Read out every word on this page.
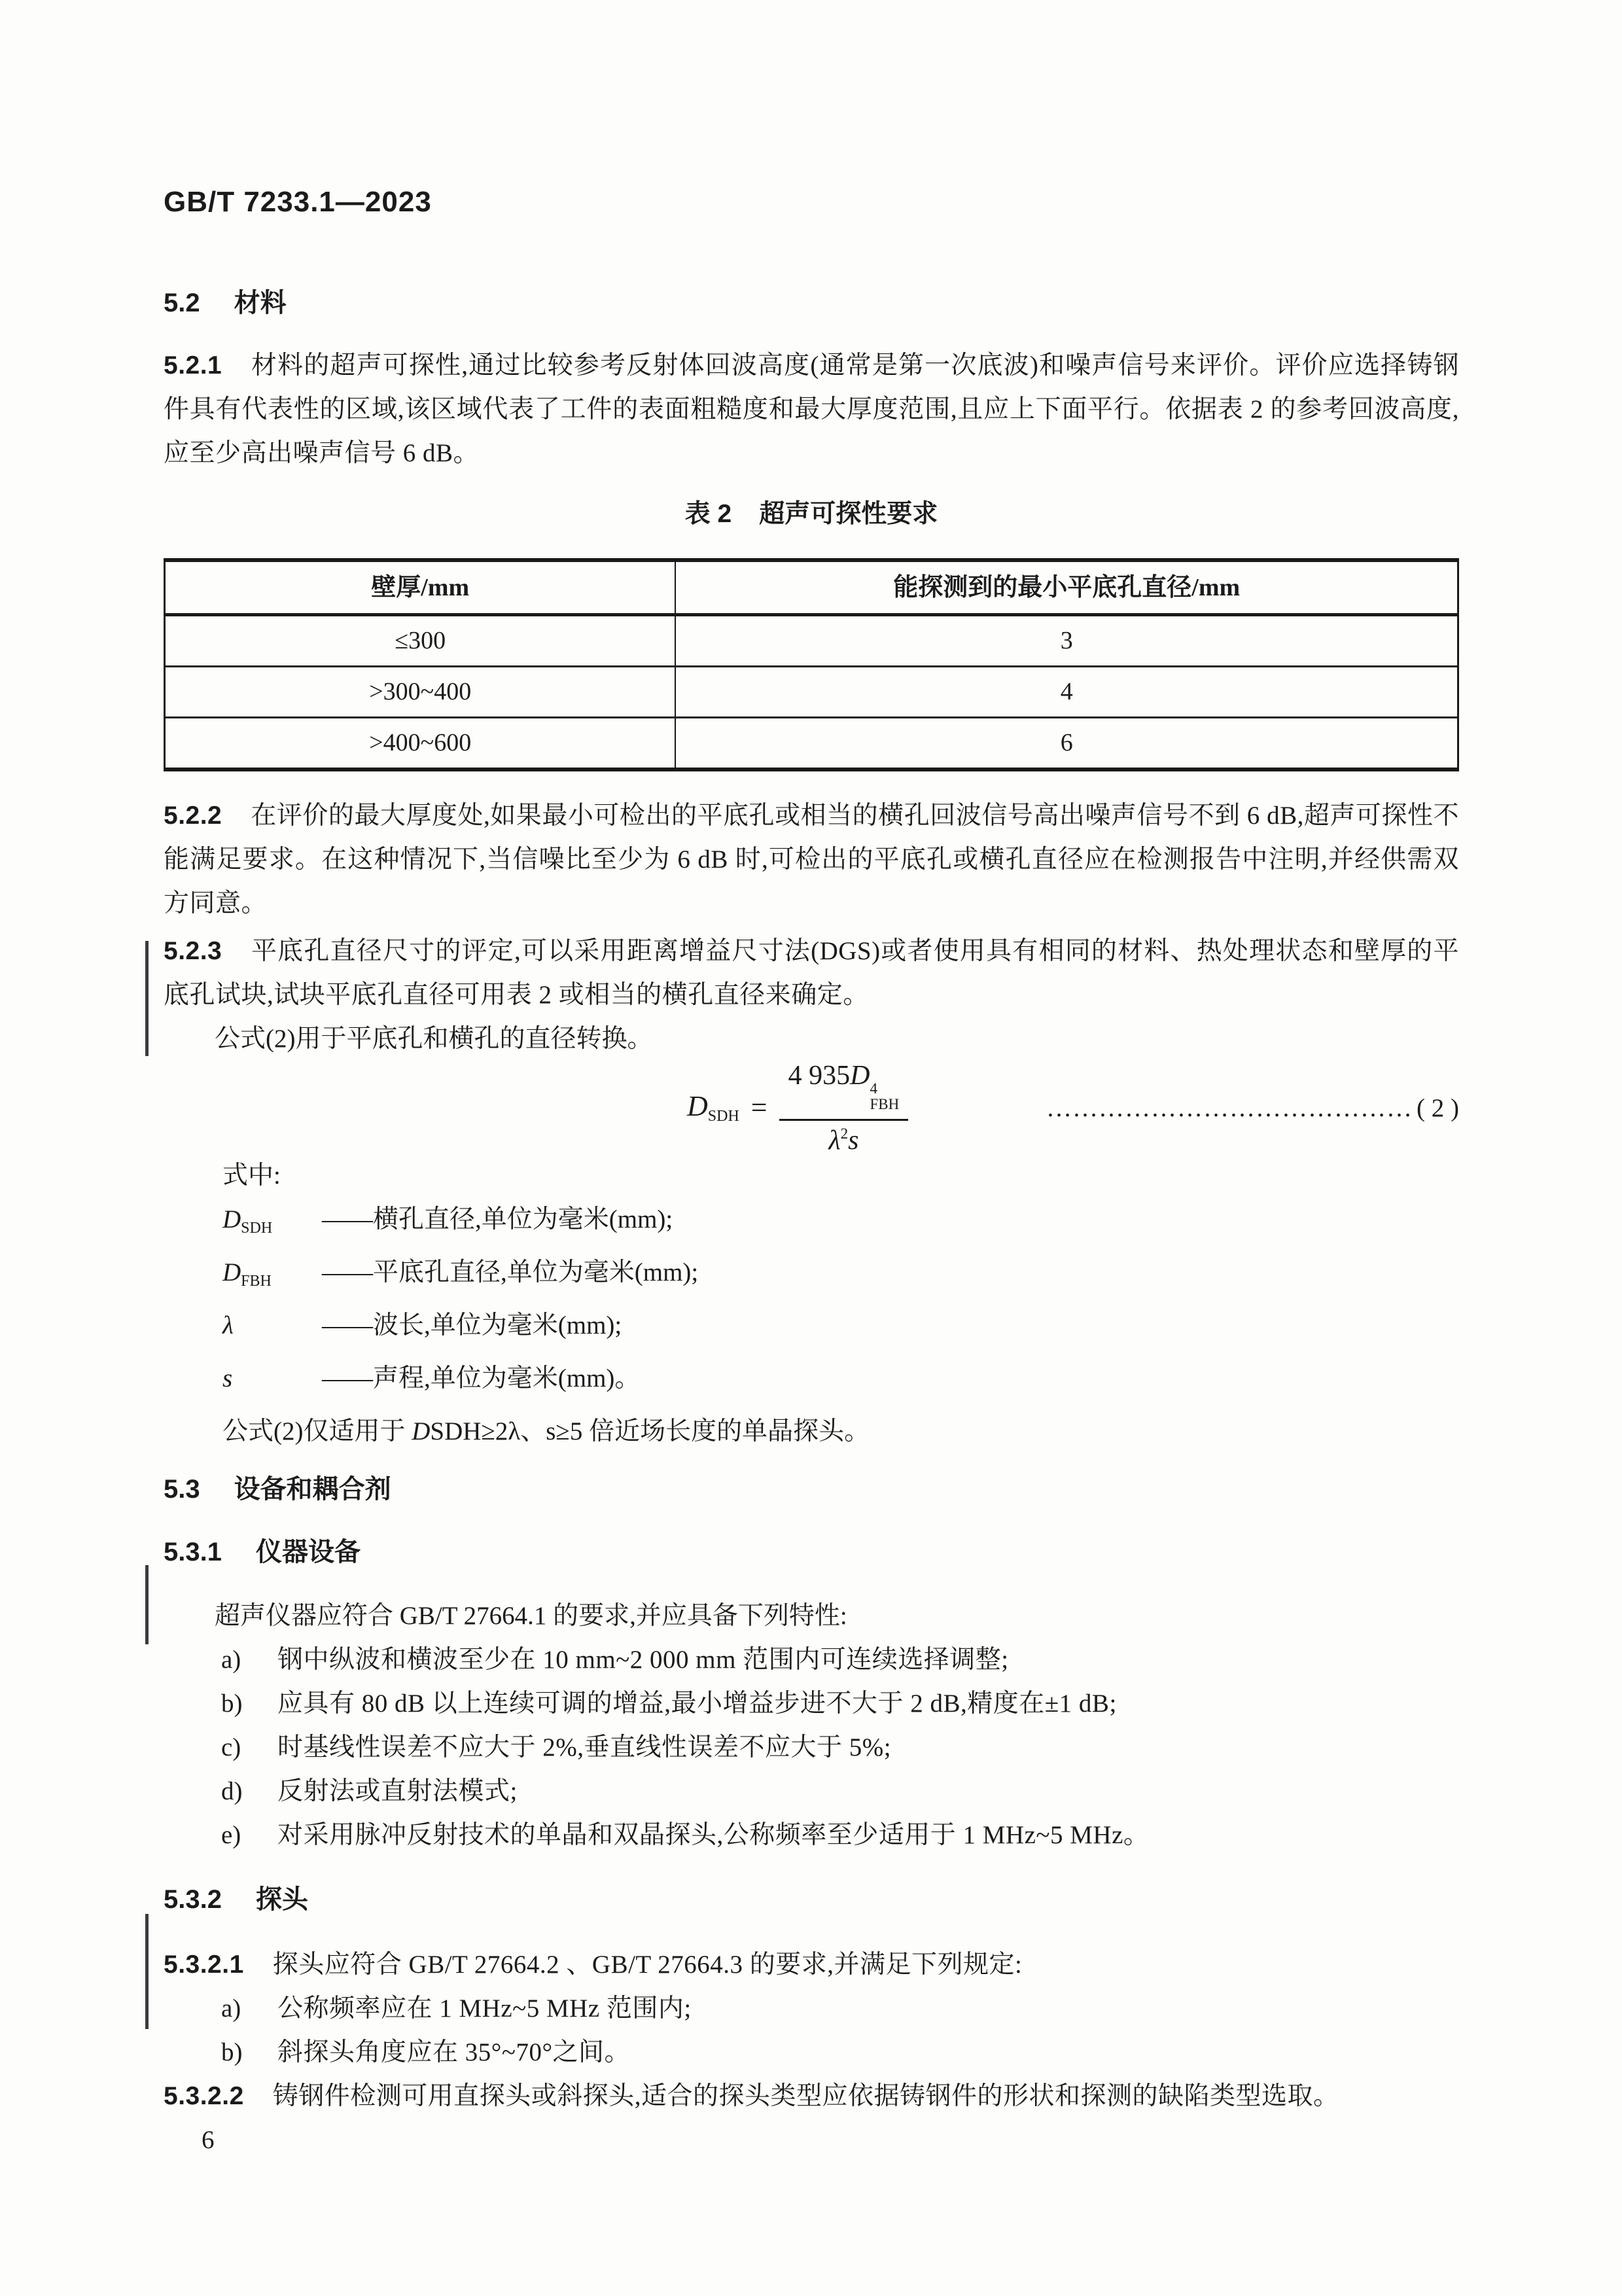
GB/T 7233.1—2023
5.2 材料

5.2.1 材料的超声可探性,通过比较参考反射体回波高度(通常是第一次底波)和噪声信号来评价。评价应选择铸钢件具有代表性的区域,该区域代表了工件的表面粗糙度和最大厚度范围,且应上下面平行。依据表 2 的参考回波高度,应至少高出噪声信号 6 dB。

表 2 超声可探性要求
壁厚/mm	能探测到的最小平底孔直径/mm
≤300	3
>300~400	4
>400~600	6

5.2.2 在评价的最大厚度处,如果最小可检出的平底孔或相当的横孔回波信号高出噪声信号不到 6 dB,超声可探性不能满足要求。在这种情况下,当信噪比至少为 6 dB 时,可检出的平底孔或横孔直径应在检测报告中注明,并经供需双方同意。

5.2.3 平底孔直径尺寸的评定,可以采用距离增益尺寸法(DGS)或者使用具有相同的材料、热处理状态和壁厚的平底孔试块,试块平底孔直径可用表 2 或相当的横孔直径来确定。

公式(2)用于平底孔和横孔的直径转换。
DSDH = 4 935D 4
FBH
$\lambda^2s$	…………………………………… ( 2 )
式中:
$D_{SDH}$	—— 横孔直径,单位为毫米(mm);
$D_{FBH}$	—— 平底孔直径,单位为毫米(mm);
λ	—— 波长,单位为毫米(mm);
s	—— 声程,单位为毫米(mm)。
公式(2)仅适用于 DSDH≥2λ、s≥5 倍近场长度的单晶探头。
5.3 设备和耦合剂
5.3.1 仪器设备
超声仪器应符合 GB/T 27664.1 的要求,并应具备下列特性:
a)	钢中纵波和横波至少在 10 mm~2 000 mm 范围内可连续选择调整;
b)	应具有 80 dB 以上连续可调的增益,最小增益步进不大于 2 dB,精度在±1 dB;
c)	时基线性误差不应大于 2%,垂直线性误差不应大于 5%;
d)	反射法或直射法模式;
e)	对采用脉冲反射技术的单晶和双晶探头,公称频率至少适用于 1 MHz~5 MHz。
5.3.2 探头

5.3.2.1 探头应符合 GB/T 27664.2 、GB/T 27664.3 的要求,并满足下列规定:

a)	公称频率应在 1 MHz~5 MHz 范围内;
b)	斜探头角度应在 35°~70°之间。

5.3.2.2 铸钢件检测可用直探头或斜探头,适合的探头类型应依据铸钢件的形状和探测的缺陷类型选取。

6
